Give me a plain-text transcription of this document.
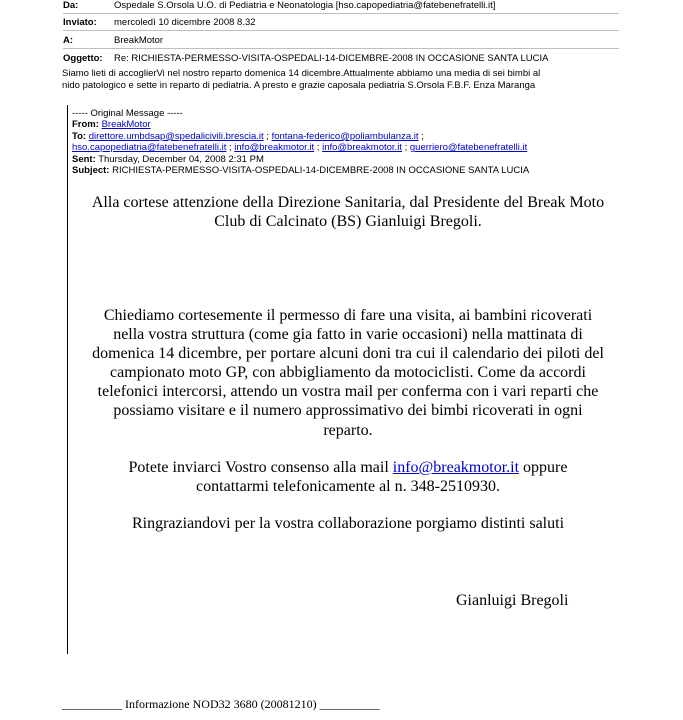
Da:	Ospedale S.Orsola U.O. di Pediatria e Neonatologia [hso.capopediatria@fatebenefratelli.it]
Inviato: mercoledì 10 dicembre 2008 8.32
A:	BreakMotor
Oggetto: Re: RICHIESTA-PERMESSO-VISITA-OSPEDALI-14-DICEMBRE-2008 IN OCCASIONE SANTA LUCIA
Siamo lieti di accoglierVi nel nostro reparto domenica 14 dicembre.Attualmente abbiamo una media di sei bimbi al
nido patologico e sette in reparto di pediatria. A presto e grazie caposala pediatria S.Orsola F.B.F. Enza Maranga
----- Original Message -----
From: BreakMotor
To: direttore.umbdsap@spedalicivili.brescia.it ; fontana-federico@poliambulanza.it ;
hso.capopediatria@fatebenefratelli.it ; info@breakmotor.it ; info@breakmotor.it ; guerriero@fatebenefratelli.it
Sent: Thursday, December 04, 2008 2:31 PM
Subject: RICHIESTA-PERMESSO-VISITA-OSPEDALI-14-DICEMBRE-2008 IN OCCASIONE SANTA LUCIA
Alla cortese attenzione della Direzione Sanitaria, dal Presidente del Break Moto
Club di Calcinato (BS) Gianluigi Bregoli.
Chiediamo cortesemente il permesso di fare una visita, ai bambini ricoverati
nella vostra struttura (come gia fatto in varie occasioni) nella mattinata di
domenica 14 dicembre, per portare alcuni doni tra cui il calendario dei piloti del
campionato moto GP, con abbigliamento da motociclisti. Come da accordi
telefonici intercorsi, attendo un vostra mail per conferma con i vari reparti che
possiamo visitare e il numero approssimativo dei bimbi ricoverati in ogni
reparto.
Potete inviarci Vostro consenso alla mail info@breakmotor.it oppure
contattarmi telefonicamente al n. 348-2510930.
Ringraziandovi per la vostra collaborazione porgiamo distinti saluti
Gianluigi Bregoli
__________ Informazione NOD32 3680 (20081210) __________
